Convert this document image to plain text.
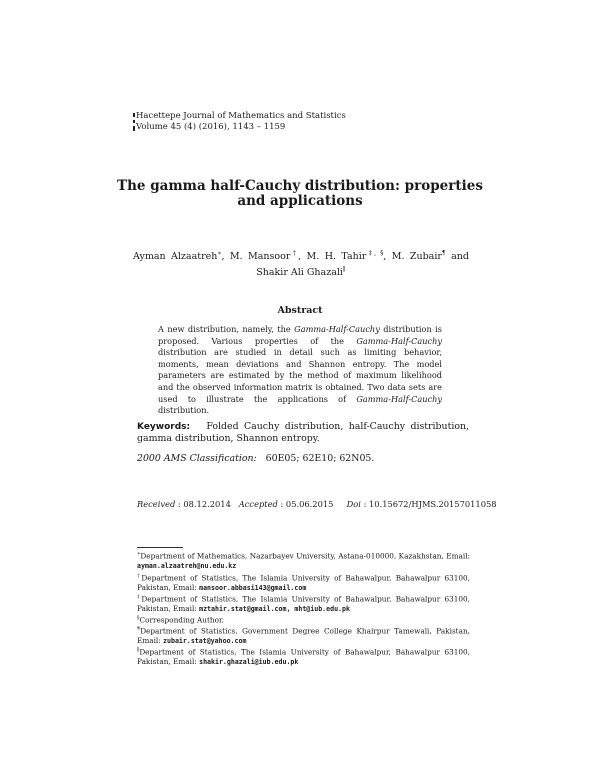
Hacettepe Journal of Mathematics and Statistics
Volume 45 (4) (2016), 1143 – 1159
The gamma half-Cauchy distribution: properties
and applications
Ayman Alzaatreh∗, M. Mansoor†, M. H. Tahir‡, §, M. Zubair¶ and Shakir Ali Ghazali∥
Abstract
A new distribution, namely, the Gamma-Half-Cauchy distribution is proposed. Various properties of the Gamma-Half-Cauchy distribution are studied in detail such as limiting behavior, moments, mean deviations and Shannon entropy. The model parameters are estimated by the method of maximum likelihood and the observed information matrix is obtained. Two data sets are used to illustrate the applications of Gamma-Half-Cauchy distribution.
Keywords: Folded Cauchy distribution, half-Cauchy distribution, gamma distribution, Shannon entropy.
2000 AMS Classification: 60E05; 62E10; 62N05.
Received : 08.12.2014 Accepted : 05.06.2015 Doi : 10.15672/HJMS.20157011058
∗Department of Mathematics, Nazarbayev University, Astana-010000, Kazakhstan, Email: ayman.alzaatreh@nu.edu.kz
†Department of Statistics, The Islamia University of Bahawalpur, Bahawalpur 63100, Pakistan, Email: mansoor.abbasi143@gmail.com
‡Department of Statistics, The Islamia University of Bahawalpur, Bahawalpur 63100, Pakistan, Email: mztahir.stat@gmail.com, mht@iub.edu.pk
§Corresponding Author.
¶Department of Statistics, Government Degree College Khairpur Tamewali, Pakistan, Email: zubair.stat@yahoo.com
∥Department of Statistics, The Islamia University of Bahawalpur, Bahawalpur 63100, Pakistan, Email: shakir.ghazali@iub.edu.pk
